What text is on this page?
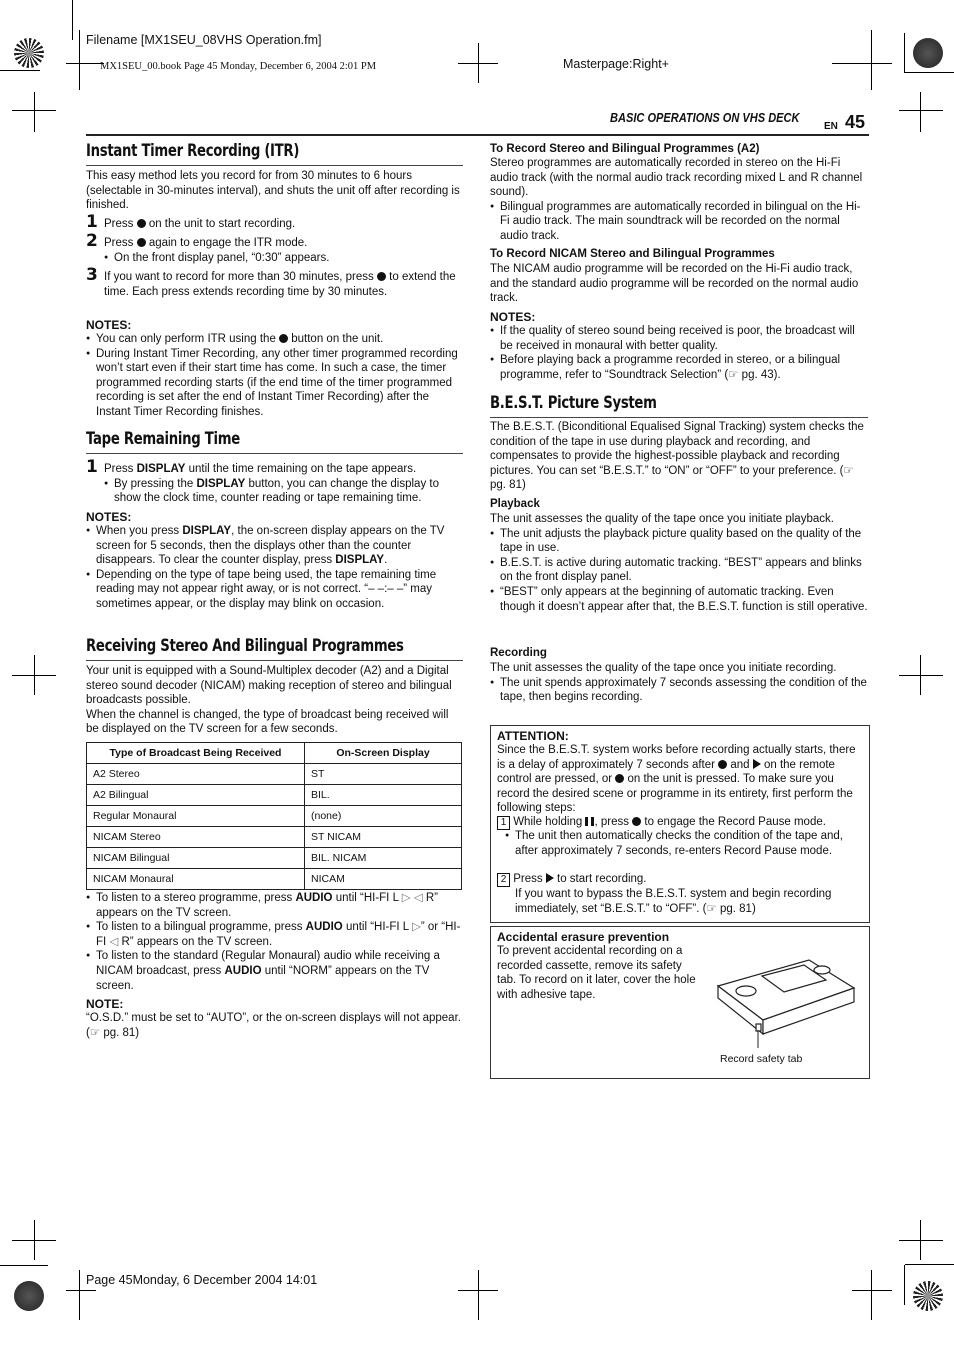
Filename [MX1SEU_08VHS Operation.fm]
MX1SEU_00.book Page 45 Monday, December 6, 2004 2:01 PM	Masterpage:Right+
BASIC OPERATIONS ON VHS DECK
EN 45
Instant Timer Recording (ITR)
This easy method lets you record for from 30 minutes to 6 hours (selectable in 30-minutes interval), and shuts the unit off after recording is finished.
1 Press on the unit to start recording.
2 Press again to engage the ITR mode.
● On the front display panel, “0:30” appears.
3 If you want to record for more than 30 minutes, press to extend the time. Each press extends recording time by 30 minutes.
NOTES:
● You can only perform ITR using the button on the unit.
● During Instant Timer Recording, any other timer programmed recording won’t start even if their start time has come. In such a case, the timer programmed recording starts (if the end time of the timer programmed recording is set after the end of Instant Timer Recording) after the Instant Timer Recording finishes.
Tape Remaining Time
1 Press DISPLAY until the time remaining on the tape appears.
● By pressing the DISPLAY button, you can change the display to show the clock time, counter reading or tape remaining time.
NOTES:
● When you press DISPLAY, the on-screen display appears on the TV screen for 5 seconds, then the displays other than the counter disappears. To clear the counter display, press DISPLAY.
● Depending on the type of tape being used, the tape remaining time reading may not appear right away, or is not correct. “– –:– –” may sometimes appear, or the display may blink on occasion.
Receiving Stereo And Bilingual Programmes

Your unit is equipped with a Sound-Multiplex decoder (A2) and a Digital stereo sound decoder (NICAM) making reception of stereo and bilingual broadcasts possible.

When the channel is changed, the type of broadcast being received will be displayed on the TV screen for a few seconds.

Type of Broadcast Being Received	On-Screen Display
A2 Stereo	ST
A2 Bilingual	BIL.
Regular Monaural	(none)
NICAM Stereo	ST NICAM
NICAM Bilingual	BIL. NICAM
NICAM Monaural	NICAM
● To listen to a stereo programme, press AUDIO until “HI-FI L ▷ ◁ R” appears on the TV screen.
● To listen to a bilingual programme, press AUDIO until “HI-FI L ▷” or “HI-FI ◁ R” appears on the TV screen.
● To listen to the standard (Regular Monaural) audio while receiving a NICAM broadcast, press AUDIO until “NORM” appears on the TV screen.
NOTE:
“O.S.D.” must be set to “AUTO”, or the on-screen displays will not appear. (☞ pg. 81)
To Record Stereo and Bilingual Programmes (A2)

Stereo programmes are automatically recorded in stereo on the Hi-Fi audio track (with the normal audio track recording mixed L and R channel sound).

● Bilingual programmes are automatically recorded in bilingual on the Hi-Fi audio track. The main soundtrack will be recorded on the normal audio track.
To Record NICAM Stereo and Bilingual Programmes
The NICAM audio programme will be recorded on the Hi-Fi audio track, and the standard audio programme will be recorded on the normal audio track.
NOTES:
● If the quality of stereo sound being received is poor, the broadcast will be received in monaural with better quality.
● Before playing back a programme recorded in stereo, or a bilingual programme, refer to “Soundtrack Selection” (☞ pg. 43).
B.E.S.T. Picture System
The B.E.S.T. (Biconditional Equalised Signal Tracking) system checks the condition of the tape in use during playback and recording, and compensates to provide the highest-possible playback and recording pictures. You can set “B.E.S.T.” to “ON” or “OFF” to your preference. (☞ pg. 81)
Playback

The unit assesses the quality of the tape once you initiate playback.

● The unit adjusts the playback picture quality based on the quality of the tape in use.
● B.E.S.T. is active during automatic tracking. “BEST” appears and blinks on the front display panel.
● “BEST” only appears at the beginning of automatic tracking. Even though it doesn’t appear after that, the B.E.S.T. function is still operative.
Recording

The unit assesses the quality of the tape once you initiate recording.

● The unit spends approximately 7 seconds assessing the condition of the tape, then begins recording.
ATTENTION:
Since the B.E.S.T. system works before recording actually starts, there is a delay of approximately 7 seconds after and on the remote control are pressed, or on the unit is pressed. To make sure you record the desired scene or programme in its entirety, first perform the following steps:
1 While holding , press to engage the Record Pause mode.
● The unit then automatically checks the condition of the tape and, after approximately 7 seconds, re-enters Record Pause mode.
2 Press to start recording.
If you want to bypass the B.E.S.T. system and begin recording immediately, set “B.E.S.T.” to “OFF”. (☞ pg. 81)
Accidental erasure prevention
To prevent accidental recording on a recorded cassette, remove its safety tab. To record on it later, cover the hole with adhesive tape.
Record safety tab
Page 45Monday, 6 December 2004 14:01
